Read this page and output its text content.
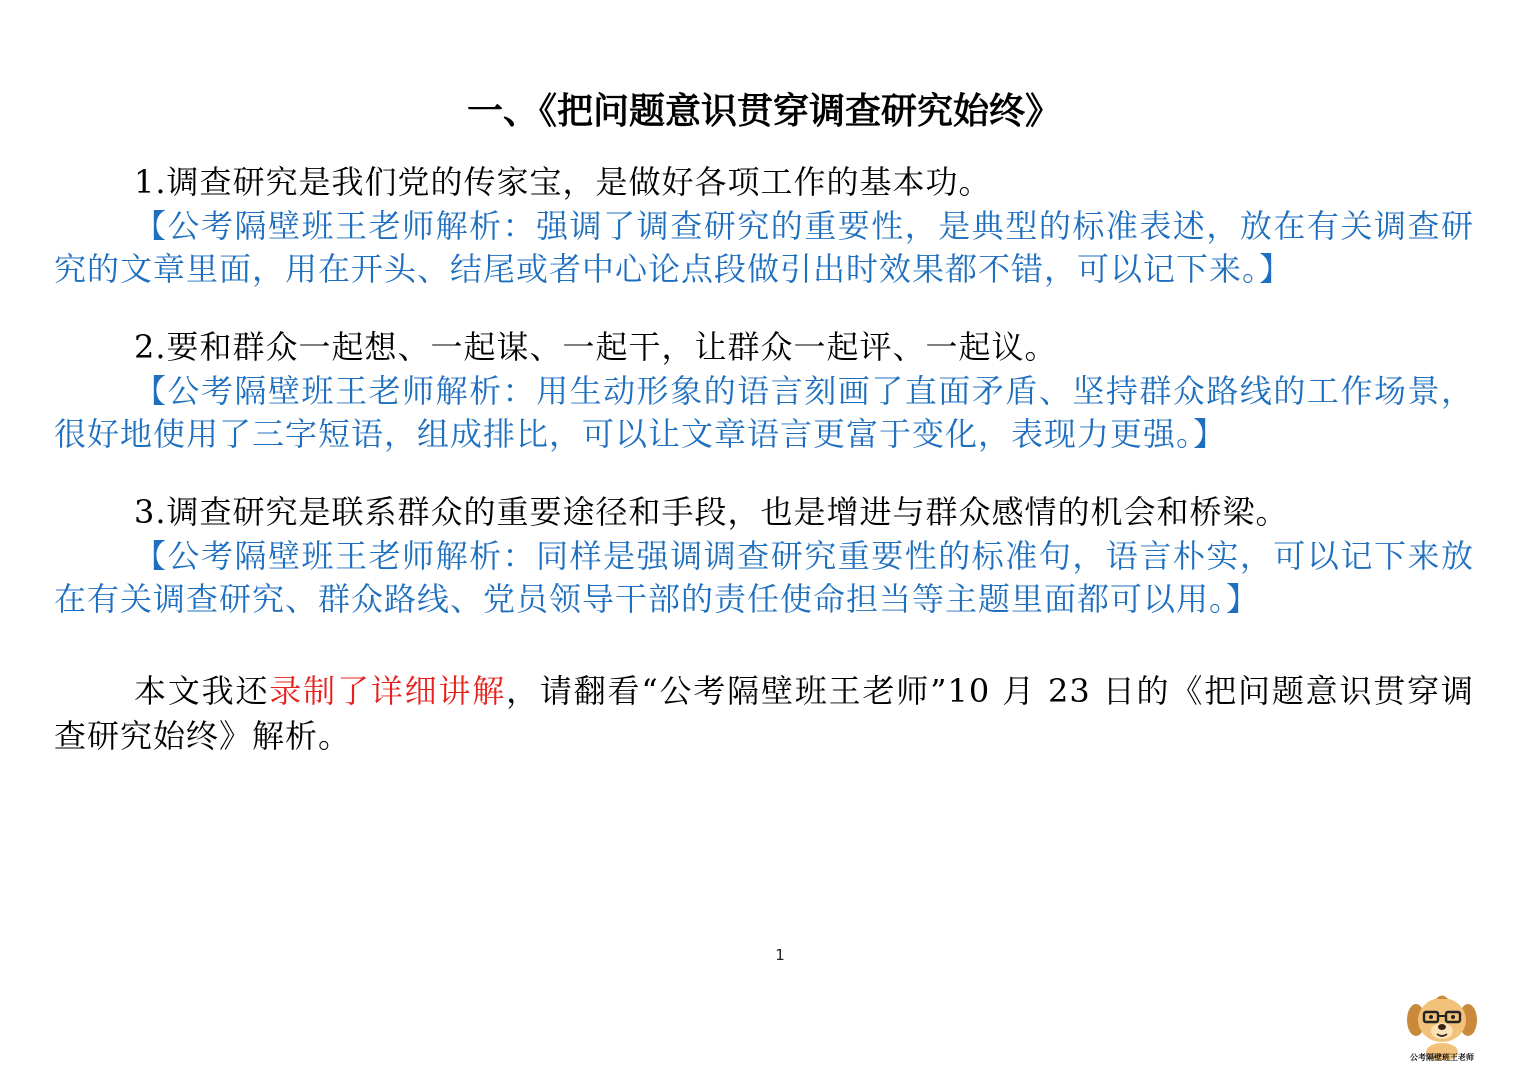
一、《把问题意识贯穿调查研究始终》

1.调查研究是我们党的传家宝，是做好各项工作的基本功。

【公考隔壁班王老师解析：强调了调查研究的重要性，是典型的标准表述，放在有关调查研究的文章里面，用在开头、结尾或者中心论点段做引出时效果都不错，可以记下来。】

2.要和群众一起想、一起谋、一起干，让群众一起评、一起议。

【公考隔壁班王老师解析：用生动形象的语言刻画了直面矛盾、坚持群众路线的工作场景，很好地使用了三字短语，组成排比，可以让文章语言更富于变化，表现力更强。】

3.调查研究是联系群众的重要途径和手段，也是增进与群众感情的机会和桥梁。

【公考隔壁班王老师解析：同样是强调调查研究重要性的标准句，语言朴实，可以记下来放在有关调查研究、群众路线、党员领导干部的责任使命担当等主题里面都可以用。】

本文我还录制了详细讲解，请翻看“公考隔壁班王老师”10 月 23 日的《把问题意识贯穿调查研究始终》解析。

1
公考隔壁班王老师
